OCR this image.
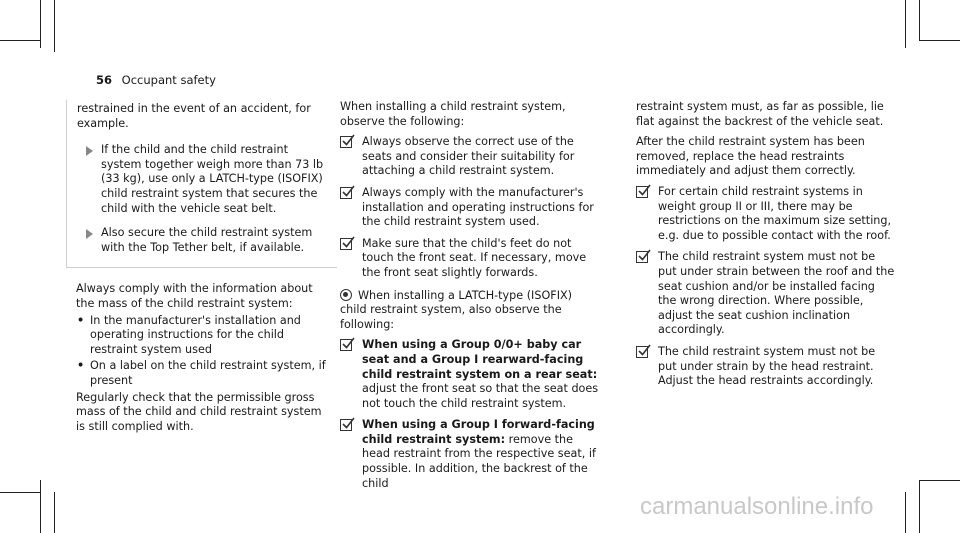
56 Occupant safety

restrained in the event of an accident, for example.

If the child and the child restraint system together weigh more than 73 lb (33 kg), use only a LATCH-type (ISOFIX) child restraint system that secures the child with the vehicle seat belt.
Also secure the child restraint system with the Top Tether belt, if available.

Always comply with the information about the mass of the child restraint system:

• In the manufacturer's installation and operating instructions for the child restraint system used
• On a label on the child restraint system, if present

Regularly check that the permissible gross mass of the child and child restraint system is still complied with.

When installing a child restraint system, observe the following:

Always observe the correct use of the seats and consider their suitability for attaching a child restraint system.
Always comply with the manufacturer's installation and operating instructions for the child restraint system used.
Make sure that the child's feet do not touch the front seat. If necessary, move the front seat slightly forwards.

When installing a LATCH-type (ISOFIX) child restraint system, also observe the following:

When using a Group 0/0+ baby car seat and a Group I rearward-facing child restraint system on a rear seat: adjust the front seat so that the seat does not touch the child restraint system.
When using a Group I forward-facing child restraint system: remove the head restraint from the respective seat, if possible. In addition, the backrest of the child

restraint system must, as far as possible, lie flat against the backrest of the vehicle seat.

After the child restraint system has been removed, replace the head restraints immediately and adjust them correctly.

For certain child restraint systems in weight group II or III, there may be restrictions on the maximum size setting, e.g. due to possible contact with the roof.
The child restraint system must not be put under strain between the roof and the seat cushion and/or be installed facing the wrong direction. Where possible, adjust the seat cushion inclination accordingly.
The child restraint system must not be put under strain by the head restraint. Adjust the head restraints accordingly.
carmanualsonline.info
